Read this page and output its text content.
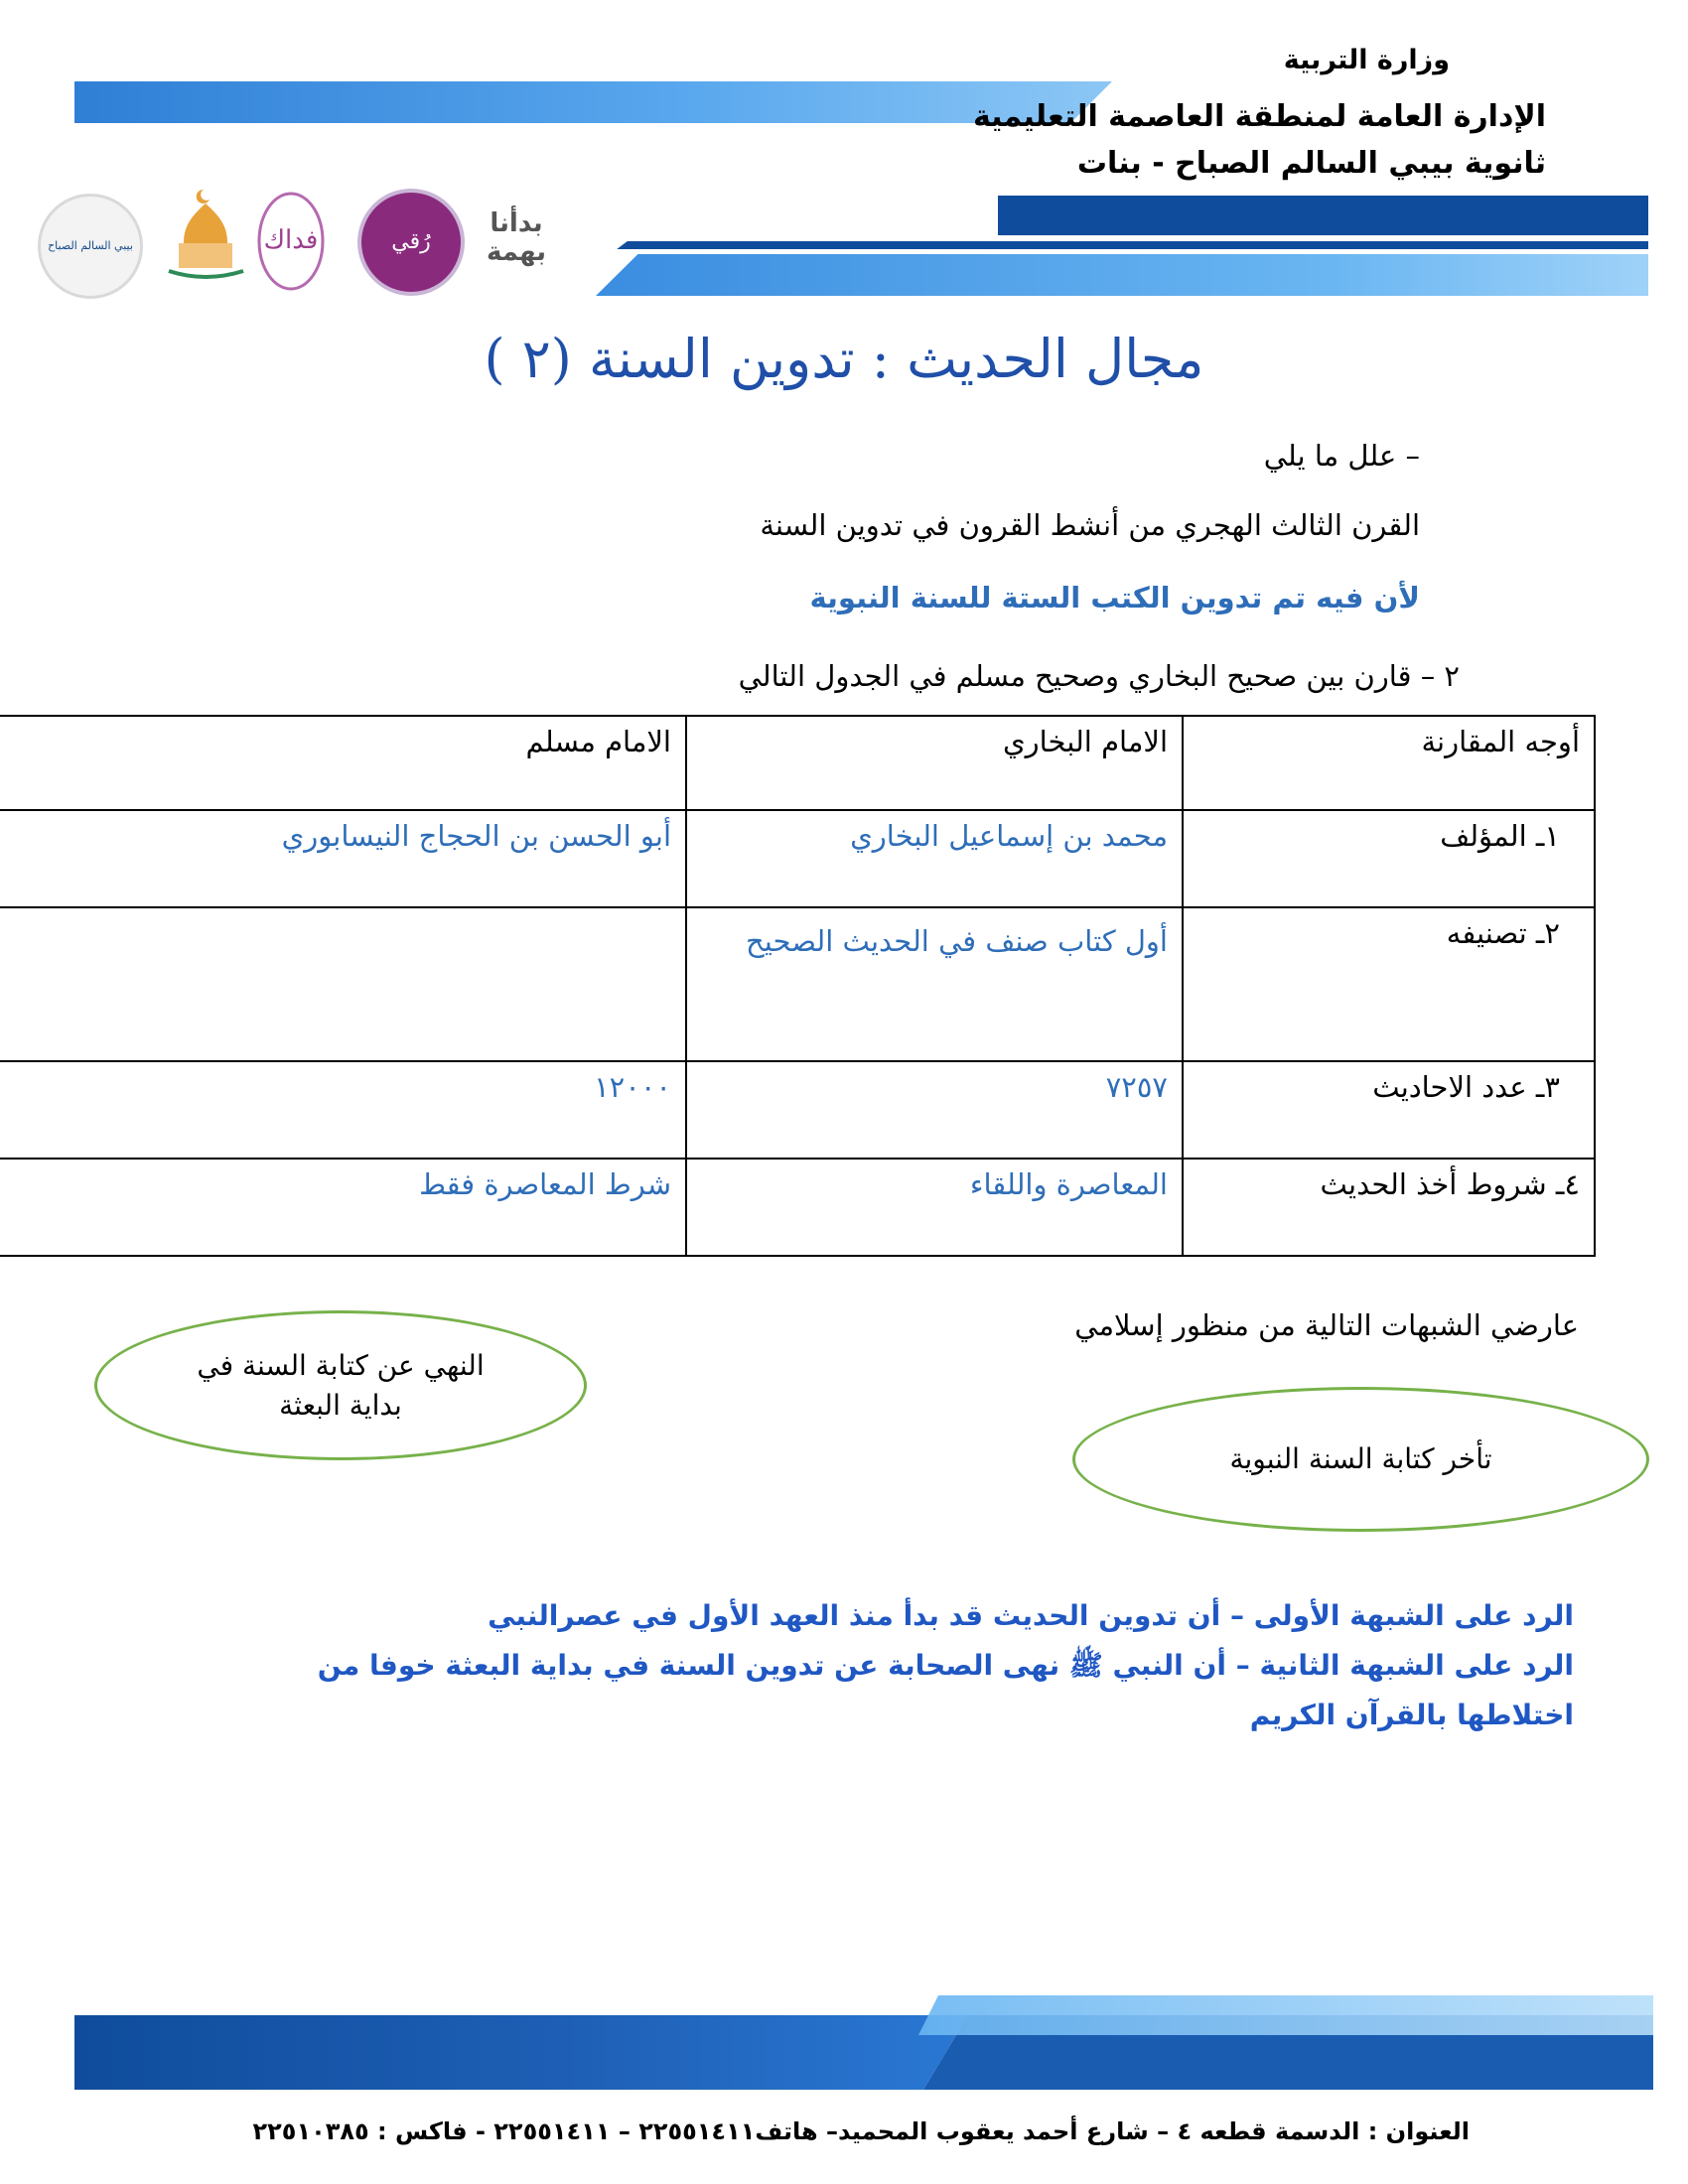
وزارة التربية
الإدارة العامة لمنطقة العاصمة التعليمية
ثانوية بيبي السالم الصباح - بنات
بيبي السالم الصباح	فداك	رُقي
بدأنا بهمة
مجال الحديث : تدوين السنة (٢ )
– علل ما يلي
القرن الثالث الهجري من أنشط القرون في تدوين السنة
لأن فيه تم تدوين الكتب الستة للسنة النبوية
٢ – قارن بين صحيح البخاري وصحيح مسلم في الجدول التالي
أوجه المقارنة	الامام البخاري	الامام مسلم
١ـ المؤلف	محمد بن إسماعيل البخاري	أبو الحسن بن الحجاج النيسابوري
٢ـ تصنيفه	أول كتاب صنف في الحديث الصحيح	
٣ـ عدد الاحاديث	٧٢٥٧	١٢٠٠٠
٤ـ شروط أخذ الحديث	المعاصرة واللقاء	شرط المعاصرة فقط
عارضي الشبهات التالية من منظور إسلامي
النهي عن كتابة السنة في بداية البعثة
تأخر كتابة السنة النبوية
الرد على الشبهة الأولى – أن تدوين الحديث قد بدأ منذ العهد الأول في عصرالنبي
الرد على الشبهة الثانية – أن النبي ﷺ نهى الصحابة عن تدوين السنة في بداية البعثة خوفا من اختلاطها بالقرآن الكريم
العنوان : الدسمة قطعه ٤ – شارع أحمد يعقوب المحميد– هاتف٢٢٥٥١٤١١ – ٢٢٥٥١٤١١ - فاكس : ٢٢٥١٠٣٨٥
